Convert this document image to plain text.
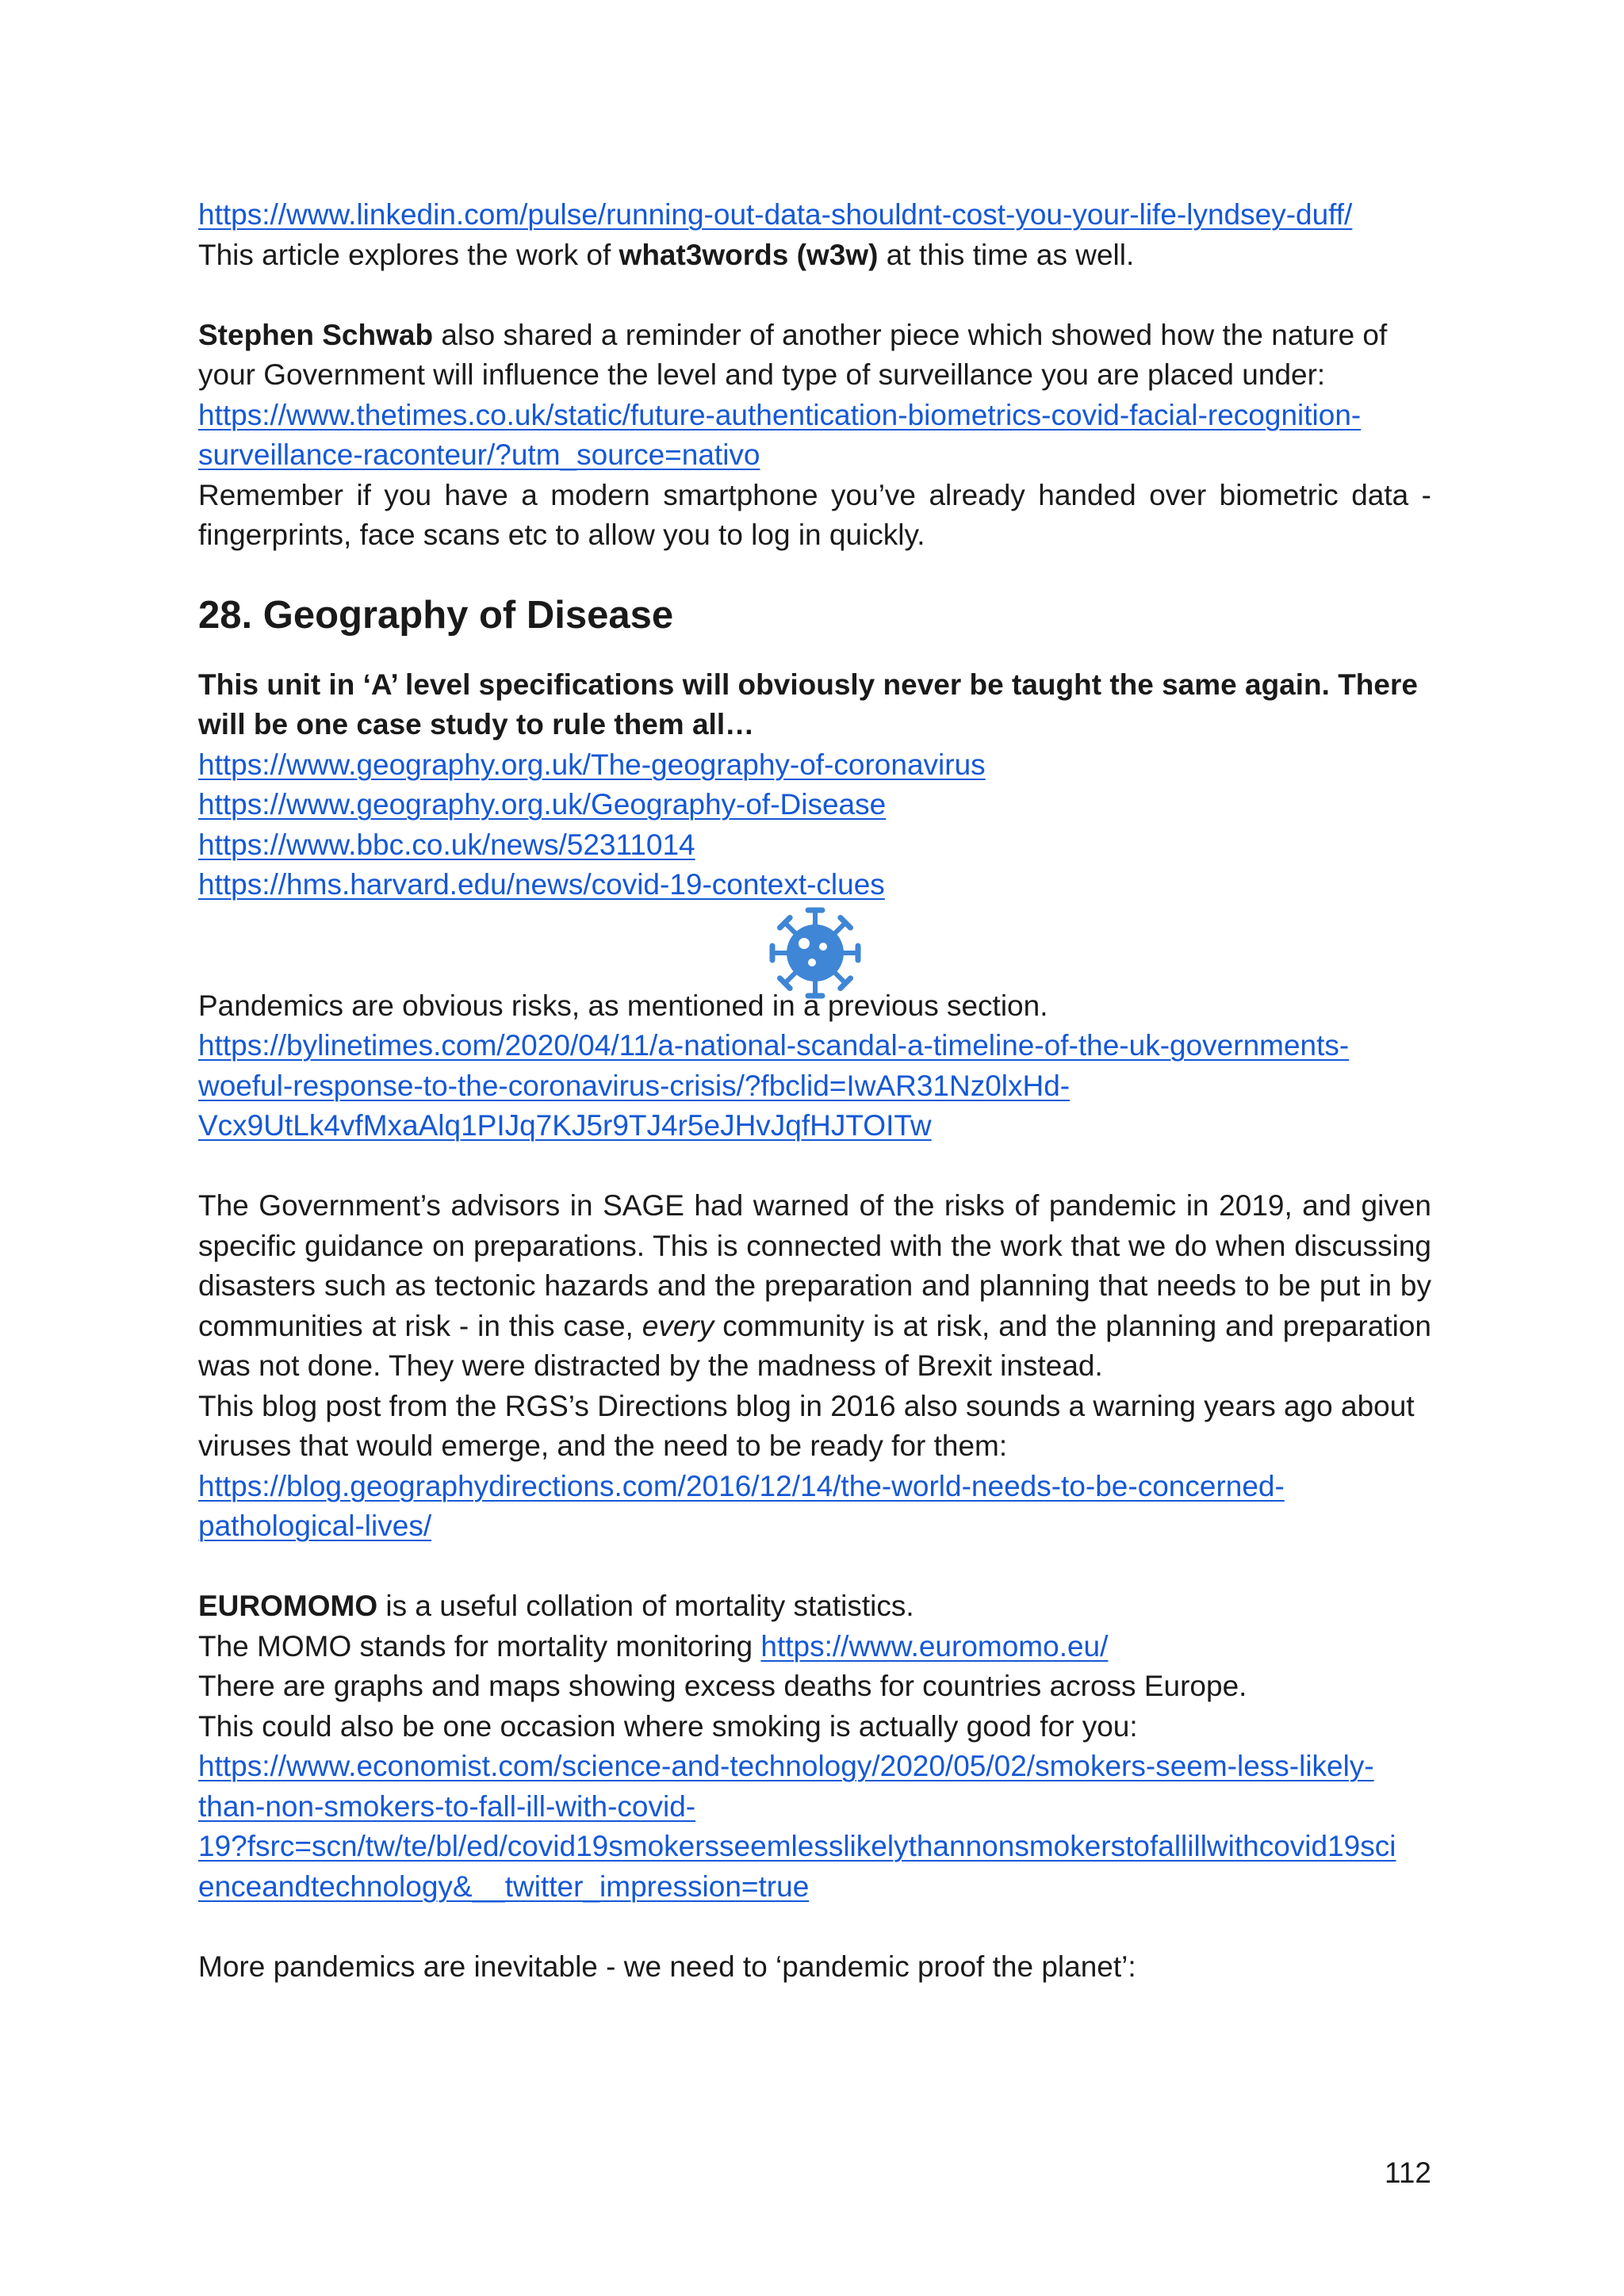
https://www.linkedin.com/pulse/running-out-data-shouldnt-cost-you-your-life-lyndsey-duff/
This article explores the work of what3words (w3w) at this time as well.

Stephen Schwab also shared a reminder of another piece which showed how the nature of your Government will influence the level and type of surveillance you are placed under:

https://www.thetimes.co.uk/static/future-authentication-biometrics-covid-facial-recognition-
surveillance-raconteur/?utm_source=nativo

Remember if you have a modern smartphone you’ve already handed over biometric data - fingerprints, face scans etc to allow you to log in quickly.

28. Geography of Disease

This unit in ‘A’ level specifications will obviously never be taught the same again. There will be one case study to rule them all…

https://www.geography.org.uk/The-geography-of-coronavirus
https://www.geography.org.uk/Geography-of-Disease
https://www.bbc.co.uk/news/52311014
https://hms.harvard.edu/news/covid-19-context-clues

Pandemics are obvious risks, as mentioned in a previous section.

https://bylinetimes.com/2020/04/11/a-national-scandal-a-timeline-of-the-uk-governments-
woeful-response-to-the-coronavirus-crisis/?fbclid=IwAR31Nz0lxHd-
Vcx9UtLk4vfMxaAlq1PIJq7KJ5r9TJ4r5eJHvJqfHJTOITw

The Government’s advisors in SAGE had warned of the risks of pandemic in 2019, and given specific guidance on preparations. This is connected with the work that we do when discussing disasters such as tectonic hazards and the preparation and planning that needs to be put in by communities at risk - in this case, every community is at risk, and the planning and preparation was not done. They were distracted by the madness of Brexit instead.

This blog post from the RGS’s Directions blog in 2016 also sounds a warning years ago about viruses that would emerge, and the need to be ready for them:

https://blog.geographydirections.com/2016/12/14/the-world-needs-to-be-concerned-
pathological-lives/

EUROMOMO is a useful collation of mortality statistics.

The MOMO stands for mortality monitoring https://www.euromomo.eu/

There are graphs and maps showing excess deaths for countries across Europe.

This could also be one occasion where smoking is actually good for you:

https://www.economist.com/science-and-technology/2020/05/02/smokers-seem-less-likely-
than-non-smokers-to-fall-ill-with-covid-
19?fsrc=scn/tw/te/bl/ed/covid19smokersseemlesslikelythannonsmokerstofallillwithcovid19sci
enceandtechnology&__twitter_impression=true

More pandemics are inevitable - we need to ‘pandemic proof the planet’:

112
